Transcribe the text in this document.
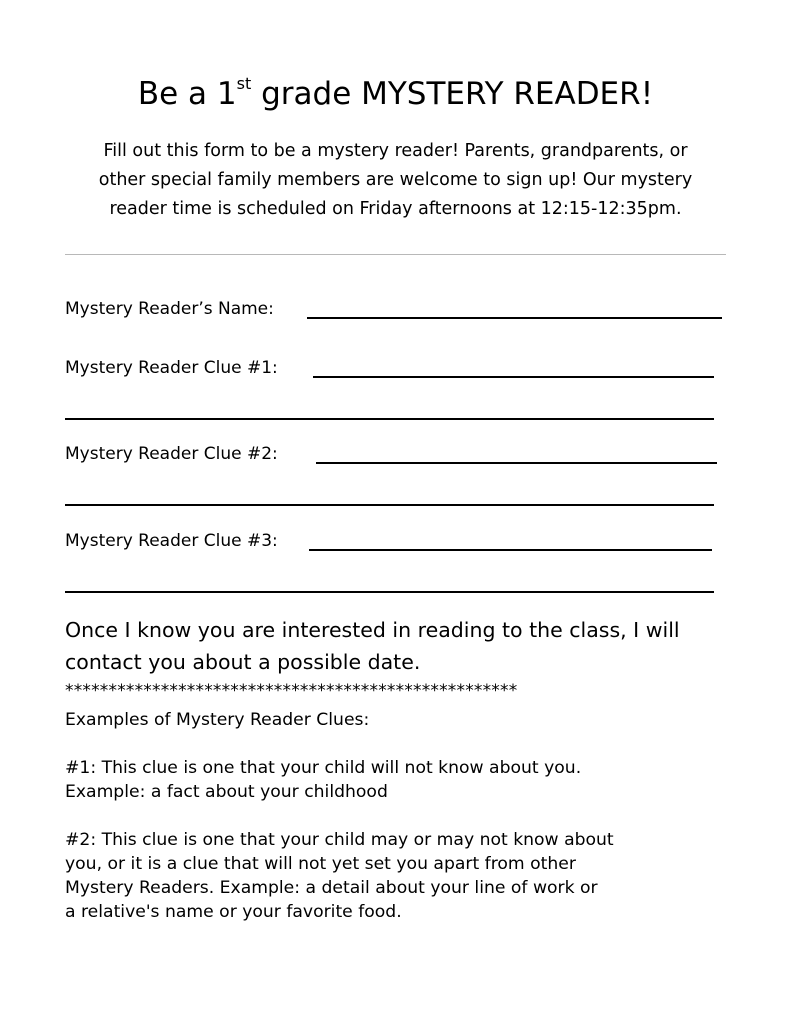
Be a 1st grade MYSTERY READER!
Fill out this form to be a mystery reader! Parents, grandparents, or
other special family members are welcome to sign up! Our mystery
reader time is scheduled on Friday afternoons at 12:15-12:35pm.
Mystery Reader’s Name:
Mystery Reader Clue #1:
Mystery Reader Clue #2:
Mystery Reader Clue #3:
Once I know you are interested in reading to the class, I will
contact you about a possible date.
****************************************************
Examples of Mystery Reader Clues:
#1: This clue is one that your child will not know about you.
Example: a fact about your childhood
#2: This clue is one that your child may or may not know about
you, or it is a clue that will not yet set you apart from other
Mystery Readers. Example: a detail about your line of work or
a relative's name or your favorite food.
